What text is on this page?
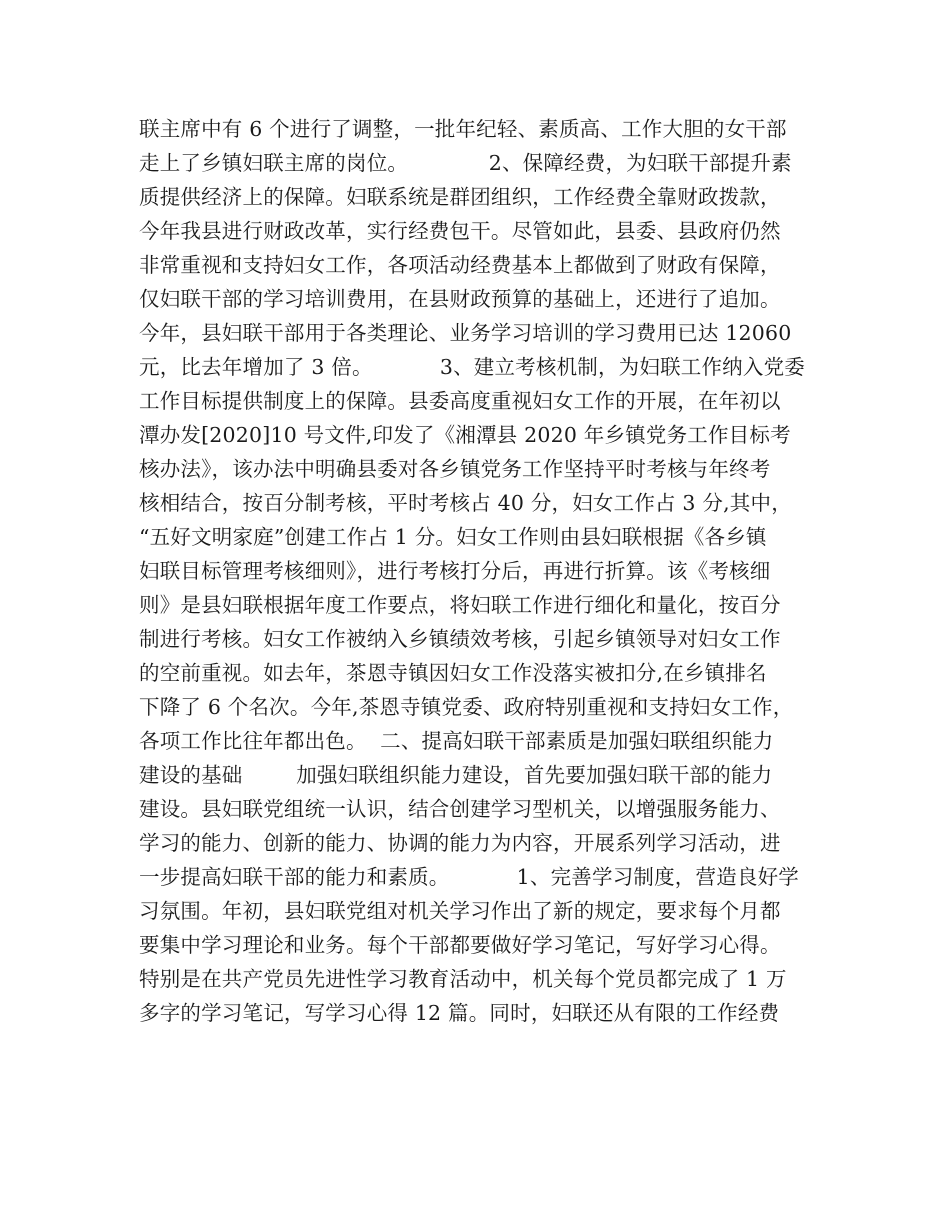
联主席中有 6 个进行了调整，一批年纪轻、素质高、工作大胆的女干部
走上了乡镇妇联主席的岗位。            2、保障经费，为妇联干部提升素
质提供经济上的保障。妇联系统是群团组织，工作经费全靠财政拨款，
今年我县进行财政改革，实行经费包干。尽管如此，县委、县政府仍然
非常重视和支持妇女工作，各项活动经费基本上都做到了财政有保障，
仅妇联干部的学习培训费用，在县财政预算的基础上，还进行了追加。
今年，县妇联干部用于各类理论、业务学习培训的学习费用已达 12060
元，比去年增加了 3 倍。          3、建立考核机制，为妇联工作纳入党委
工作目标提供制度上的保障。县委高度重视妇女工作的开展，在年初以
潭办发[2020]10 号文件,印发了《湘潭县 2020 年乡镇党务工作目标考
核办法》，该办法中明确县委对各乡镇党务工作坚持平时考核与年终考
核相结合，按百分制考核，平时考核占 40 分，妇女工作占 3 分,其中，
“五好文明家庭”创建工作占 1 分。妇女工作则由县妇联根据《各乡镇
妇联目标管理考核细则》，进行考核打分后，再进行折算。该《考核细
则》是县妇联根据年度工作要点，将妇联工作进行细化和量化，按百分
制进行考核。妇女工作被纳入乡镇绩效考核，引起乡镇领导对妇女工作
的空前重视。如去年，茶恩寺镇因妇女工作没落实被扣分,在乡镇排名
下降了 6 个名次。今年,茶恩寺镇党委、政府特别重视和支持妇女工作，
各项工作比往年都出色。  二、提高妇联干部素质是加强妇联组织能力
建设的基础        加强妇联组织能力建设，首先要加强妇联干部的能力
建设。县妇联党组统一认识，结合创建学习型机关，以增强服务能力、
学习的能力、创新的能力、协调的能力为内容，开展系列学习活动，进
一步提高妇联干部的能力和素质。          1、完善学习制度，营造良好学
习氛围。年初，县妇联党组对机关学习作出了新的规定，要求每个月都
要集中学习理论和业务。每个干部都要做好学习笔记，写好学习心得。
特别是在共产党员先进性学习教育活动中，机关每个党员都完成了 1 万
多字的学习笔记，写学习心得 12 篇。同时，妇联还从有限的工作经费
